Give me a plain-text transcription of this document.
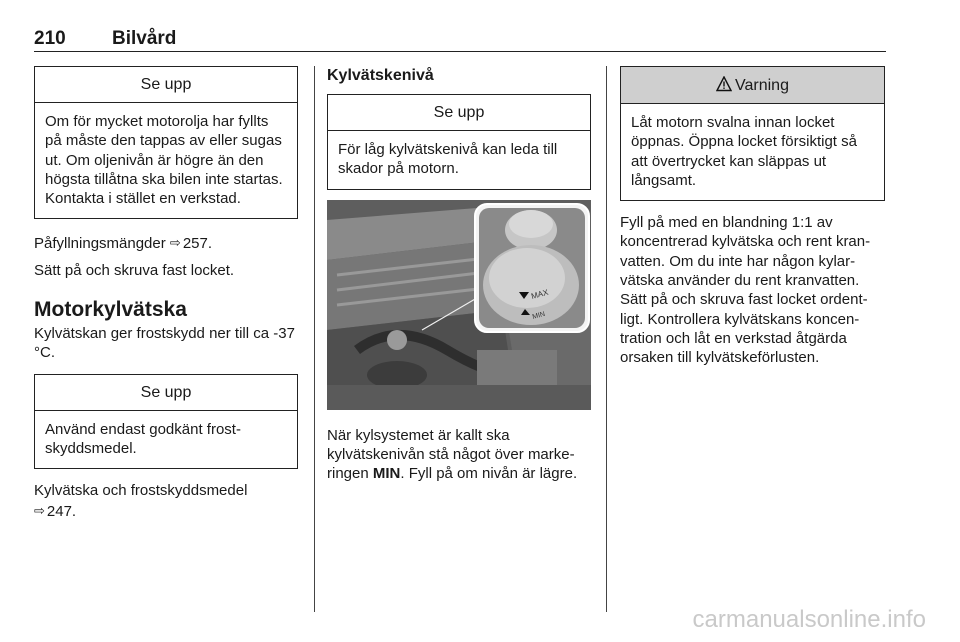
210 Bilvård
Se upp
Om för mycket motorolja har fyllts på måste den tappas av eller sugas ut. Om oljenivån är högre än den högsta tillåtna ska bilen inte startas. Kontakta i stället en verkstad.

Påfyllningsmängder ⇨ 257.

Sätt på och skruva fast locket.

Motorkylvätska

Kylvätskan ger frostskydd ner till ca -37 °C.

Se upp
Använd endast godkänt frost-skyddsmedel.

Kylvätska och frostskyddsmedel
⇨ 247.

Kylvätskenivå
Se upp
För låg kylvätskenivå kan leda till skador på motorn.
MAX
MIN

När kylsystemet är kallt ska kylvätskenivån stå något över marke-ringen MIN. Fyll på om nivån är lägre.

Varning
Låt motorn svalna innan locket öppnas. Öppna locket försiktigt så att övertrycket kan släppas ut långsamt.

Fyll på med en blandning 1:1 av koncentrerad kylvätska och rent kran-vatten. Om du inte har någon kylar-vätska använder du rent kranvatten. Sätt på och skruva fast locket ordent-ligt. Kontrollera kylvätskans koncen-tration och låt en verkstad åtgärda orsaken till kylvätskeförlusten.

carmanualsonline.info
